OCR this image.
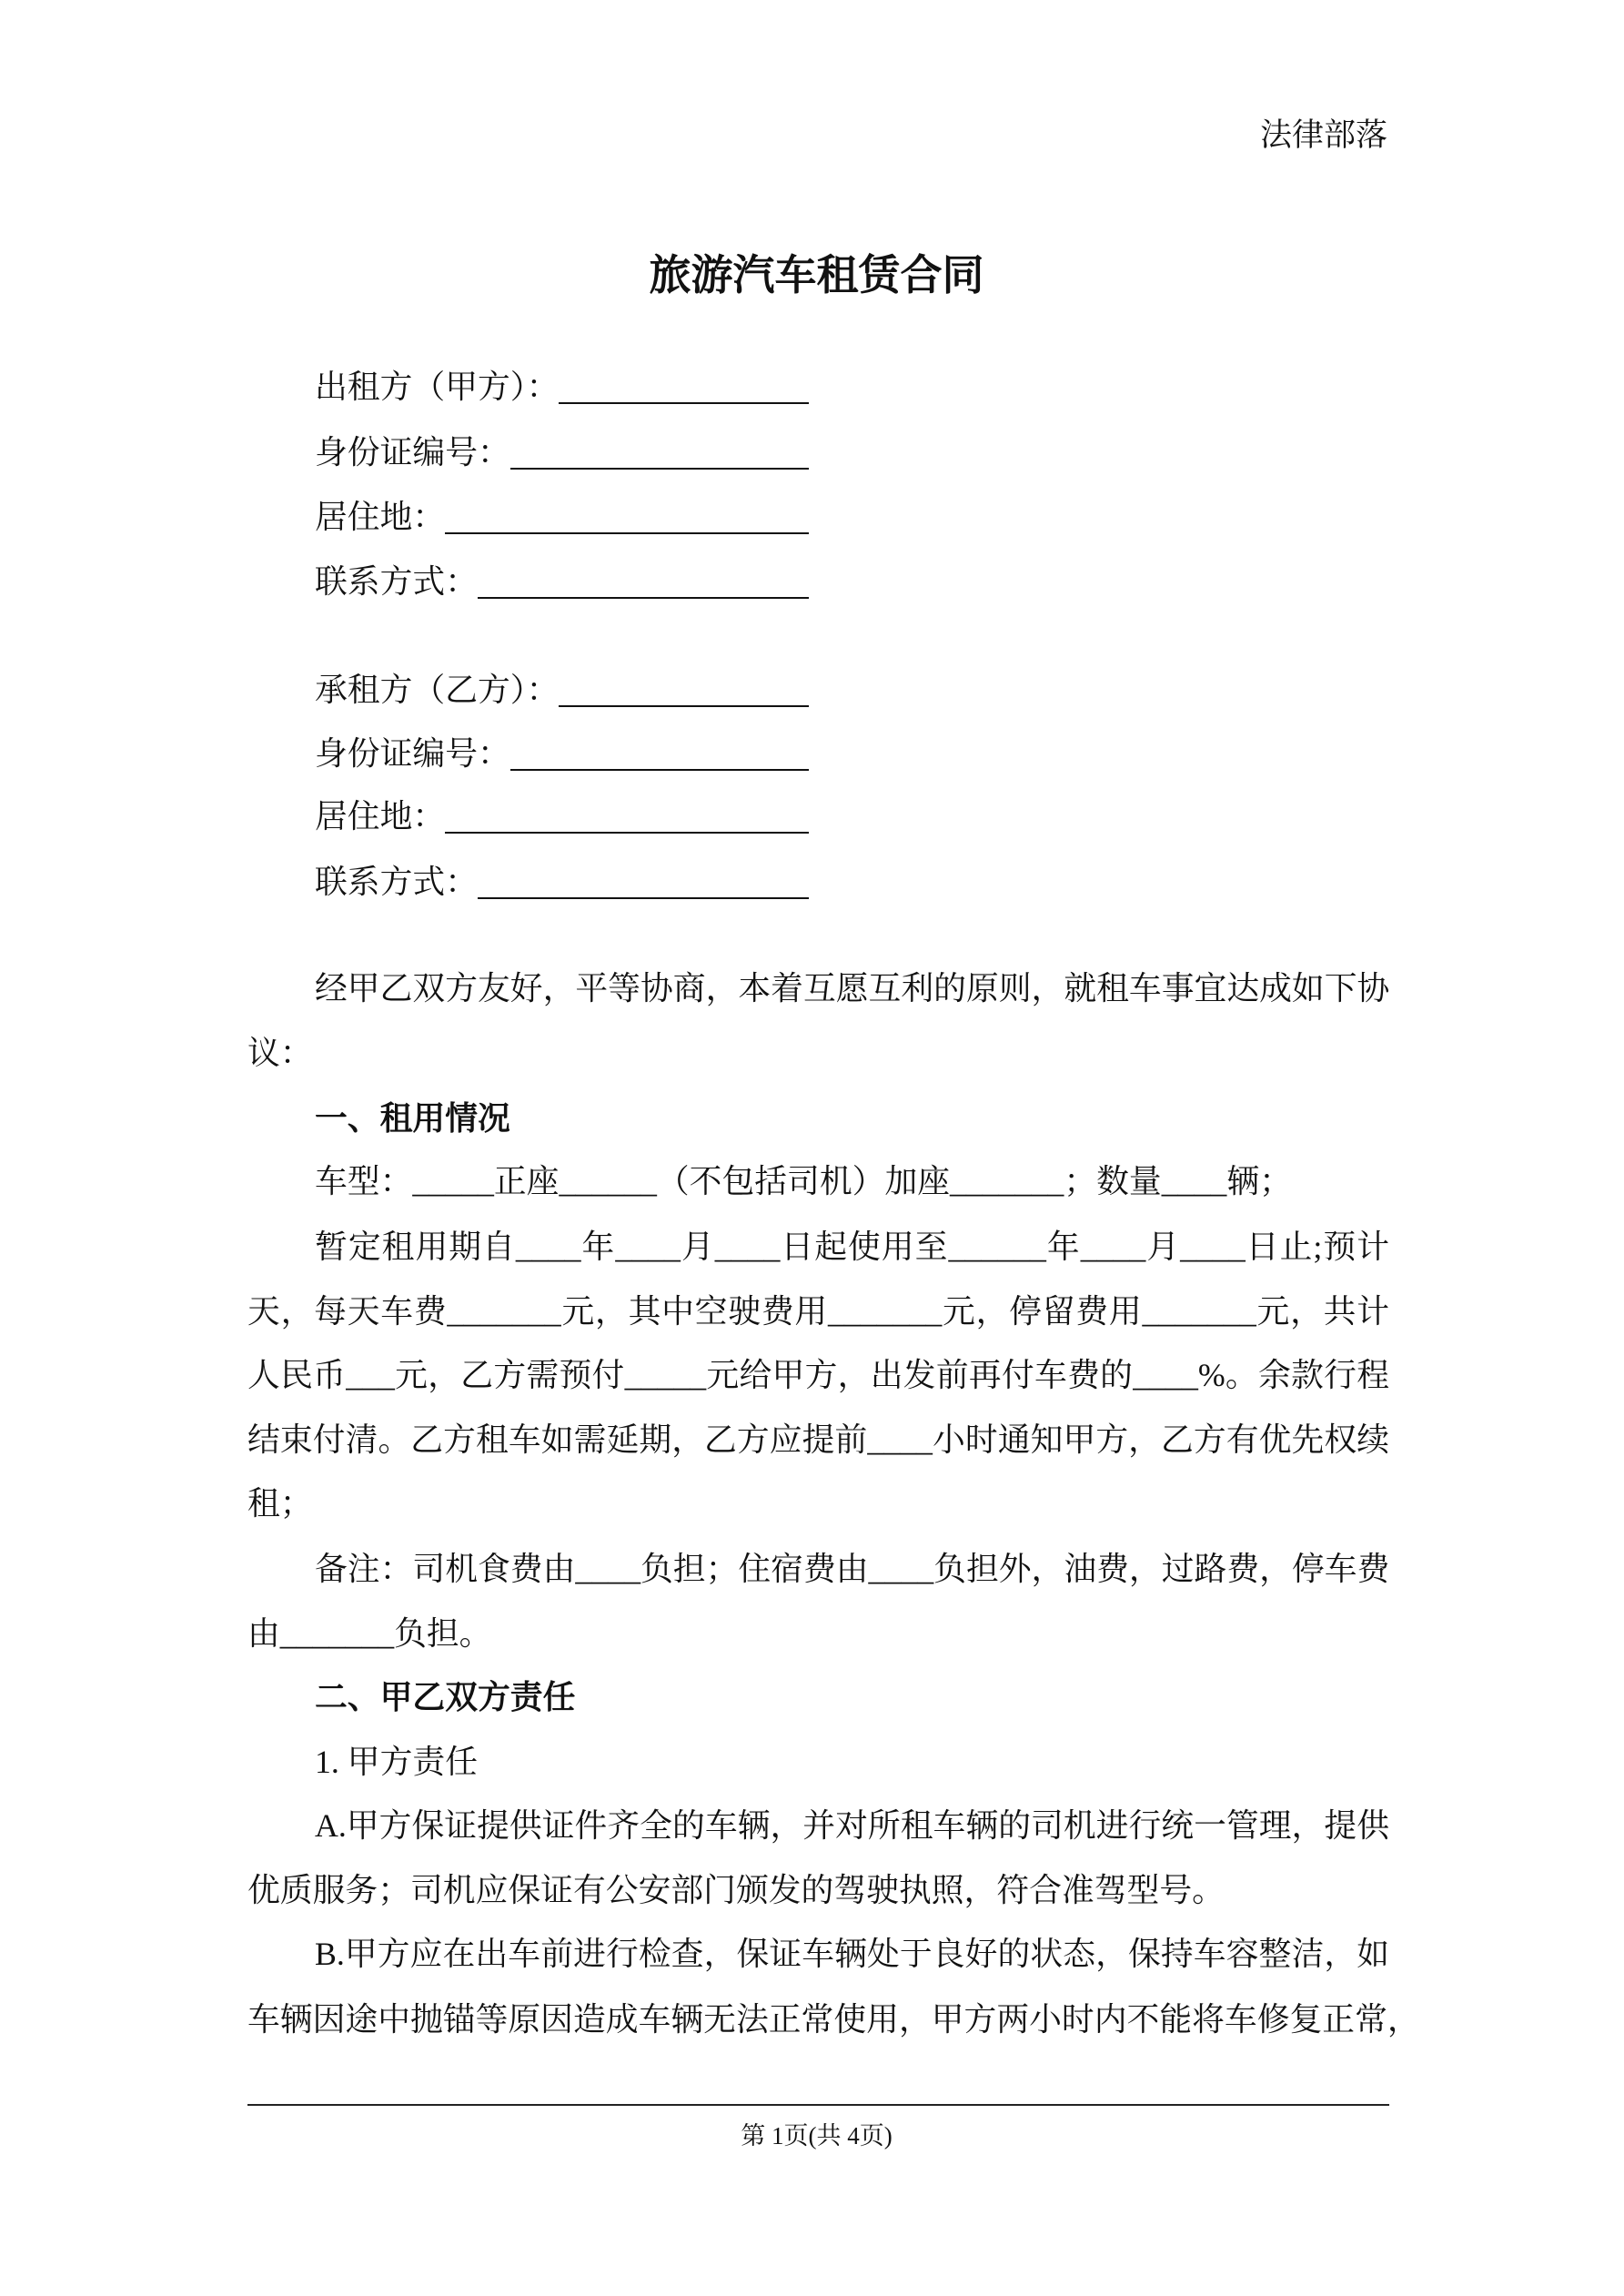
法律部落
旅游汽车租赁合同
出租方（甲方）：
身份证编号：
居住地：
联系方式：
承租方（乙方）：
身份证编号：
居住地：
联系方式：
经甲乙双方友好，平等协商，本着互愿互利的原则，就租车事宜达成如下协
议：
一、租用情况
车型：_____正座______（不包括司机）加座_______；数量____辆；
暂定租用期自____年____月____日起使用至______年____月____日止;预计
天，每天车费_______元，其中空驶费用_______元，停留费用_______元，共计
人民币___元，乙方需预付_____元给甲方，出发前再付车费的____%。余款行程
结束付清。乙方租车如需延期，乙方应提前____小时通知甲方，乙方有优先权续
租；
备注：司机食费由____负担；住宿费由____负担外，油费，过路费，停车费
由_______负担。
二、甲乙双方责任
1. 甲方责任
A.甲方保证提供证件齐全的车辆，并对所租车辆的司机进行统一管理，提供
优质服务；司机应保证有公安部门颁发的驾驶执照，符合准驾型号。
B.甲方应在出车前进行检查，保证车辆处于良好的状态，保持车容整洁，如
车辆因途中抛锚等原因造成车辆无法正常使用，甲方两小时内不能将车修复正常，
第 1页(共 4页)
